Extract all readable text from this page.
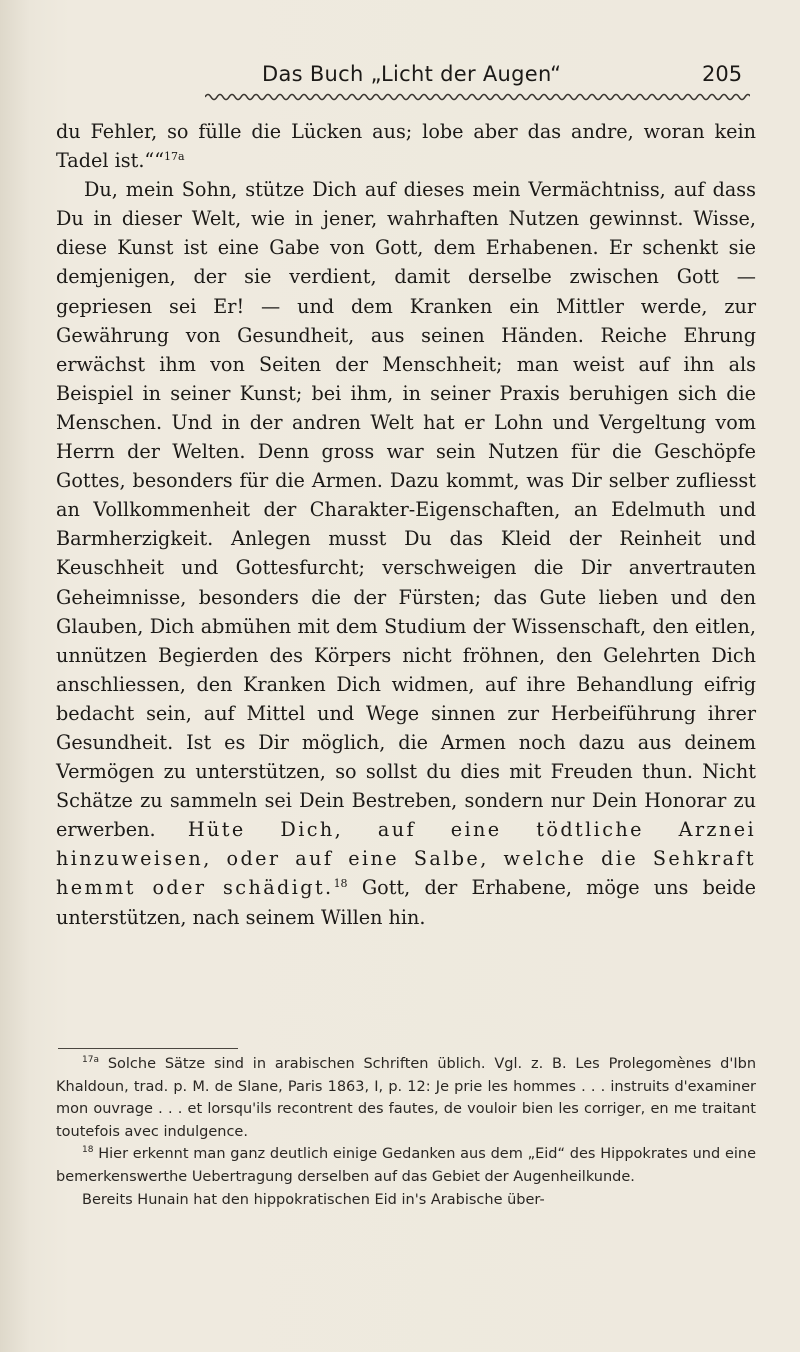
Das Buch „Licht der Augen“	205

du Fehler, so fülle die Lücken aus; lobe aber das andre, woran kein Tadel ist.““$^{17a}$

Du, mein Sohn, stütze Dich auf dieses mein Vermächtniss, auf dass Du in dieser Welt, wie in jener, wahrhaften Nutzen gewinnst. Wisse, diese Kunst ist eine Gabe von Gott, dem Erhabenen. Er schenkt sie demjenigen, der sie verdient, damit derselbe zwischen Gott — gepriesen sei Er! — und dem Kranken ein Mittler werde, zur Gewährung von Gesundheit, aus seinen Händen. Reiche Ehrung erwächst ihm von Seiten der Menschheit; man weist auf ihn als Beispiel in seiner Kunst; bei ihm, in seiner Praxis beruhigen sich die Menschen. Und in der andren Welt hat er Lohn und Vergeltung vom Herrn der Welten. Denn gross war sein Nutzen für die Geschöpfe Gottes, besonders für die Armen. Dazu kommt, was Dir selber zufliesst an Vollkommenheit der Charakter-Eigenschaften, an Edelmuth und Barmherzigkeit. Anlegen musst Du das Kleid der Reinheit und Keuschheit und Gottesfurcht; verschweigen die Dir anvertrauten Geheimnisse, besonders die der Fürsten; das Gute lieben und den Glauben, Dich abmühen mit dem Studium der Wissenschaft, den eitlen, unnützen Begierden des Körpers nicht fröhnen, den Gelehrten Dich anschliessen, den Kranken Dich widmen, auf ihre Behandlung eifrig bedacht sein, auf Mittel und Wege sinnen zur Herbeiführung ihrer Gesundheit. Ist es Dir möglich, die Armen noch dazu aus deinem Vermögen zu unterstützen, so sollst du dies mit Freuden thun. Nicht Schätze zu sammeln sei Dein Bestreben, sondern nur Dein Honorar zu erwerben. Hüte Dich, auf eine tödtliche Arznei hinzuweisen, oder auf eine Salbe, welche die Sehkraft hemmt oder schädigt.$^{18}$ Gott, der Erhabene, möge uns beide unterstützen, nach seinem Willen hin.

$^{17a}$ Solche Sätze sind in arabischen Schriften üblich. Vgl. z. B. Les Prolegomènes d'Ibn Khaldoun, trad. p. M. de Slane, Paris 1863, I, p. 12: Je prie les hommes . . . instruits d'examiner mon ouvrage . . . et lorsqu'ils recontrent des fautes, de vouloir bien les corriger, en me traitant toutefois avec indulgence.

$^{18}$ Hier erkennt man ganz deutlich einige Gedanken aus dem „Eid“ des Hippokrates und eine bemerkenswerthe Uebertragung derselben auf das Gebiet der Augenheilkunde.

Bereits Hunain hat den hippokratischen Eid in's Arabische über-
